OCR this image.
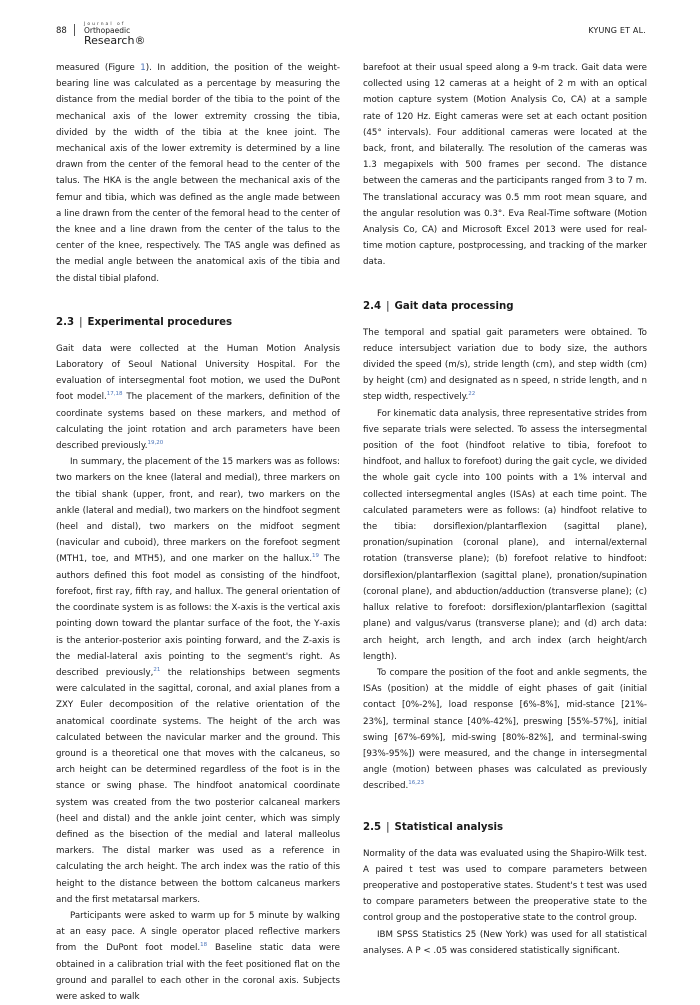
88
Journal of
Orthopaedic
Research®
KYUNG ET AL.

measured (Figure 1). In addition, the position of the weight‐bearing line was calculated as a percentage by measuring the distance from the medial border of the tibia to the point of the mechanical axis of the lower extremity crossing the tibia, divided by the width of the tibia at the knee joint. The mechanical axis of the lower extremity is determined by a line drawn from the center of the femoral head to the center of the talus. The HKA is the angle between the mechanical axis of the femur and tibia, which was defined as the angle made between a line drawn from the center of the femoral head to the center of the knee and a line drawn from the center of the talus to the center of the knee, respectively. The TAS angle was defined as the medial angle between the anatomical axis of the tibia and the distal tibial plafond.

2.3 | Experimental procedures

Gait data were collected at the Human Motion Analysis Laboratory of Seoul National University Hospital. For the evaluation of intersegmental foot motion, we used the DuPont foot model.$^{17,18}$ The placement of the markers, definition of the coordinate systems based on these markers, and method of calculating the joint rotation and arch parameters have been described previously.$^{19,20}$

In summary, the placement of the 15 markers was as follows: two markers on the knee (lateral and medial), three markers on the tibial shank (upper, front, and rear), two markers on the ankle (lateral and medial), two markers on the hindfoot segment (heel and distal), two markers on the midfoot segment (navicular and cuboid), three markers on the forefoot segment (MTH1, toe, and MTH5), and one marker on the hallux.$^{19}$ The authors defined this foot model as consisting of the hindfoot, forefoot, first ray, fifth ray, and hallux. The general orientation of the coordinate system is as follows: the X‐axis is the vertical axis pointing down toward the plantar surface of the foot, the Y‐axis is the anterior‐posterior axis pointing forward, and the Z‐axis is the medial‐lateral axis pointing to the segment's right. As described previously,$^{21}$ the relationships between segments were calculated in the sagittal, coronal, and axial planes from a ZXY Euler decomposition of the relative orientation of the anatomical coordinate systems. The height of the arch was calculated between the navicular marker and the ground. This ground is a theoretical one that moves with the calcaneus, so arch height can be determined regardless of the foot is in the stance or swing phase. The hindfoot anatomical coordinate system was created from the two posterior calcaneal markers (heel and distal) and the ankle joint center, which was simply defined as the bisection of the medial and lateral malleolus markers. The distal marker was used as a reference in calculating the arch height. The arch index was the ratio of this height to the distance between the bottom calcaneus markers and the first metatarsal markers.

Participants were asked to warm up for 5 minute by walking at an easy pace. A single operator placed reflective markers from the DuPont foot model.$^{18}$ Baseline static data were obtained in a calibration trial with the feet positioned flat on the ground and parallel to each other in the coronal axis. Subjects were asked to walk

barefoot at their usual speed along a 9‐m track. Gait data were collected using 12 cameras at a height of 2 m with an optical motion capture system (Motion Analysis Co, CA) at a sample rate of 120 Hz. Eight cameras were set at each octant position (45° intervals). Four additional cameras were located at the back, front, and bilaterally. The resolution of the cameras was 1.3 megapixels with 500 frames per second. The distance between the cameras and the participants ranged from 3 to 7 m. The translational accuracy was 0.5 mm root mean square, and the angular resolution was 0.3°. Eva Real‐Time software (Motion Analysis Co, CA) and Microsoft Excel 2013 were used for real‐time motion capture, postprocessing, and tracking of the marker data.

2.4 | Gait data processing

The temporal and spatial gait parameters were obtained. To reduce intersubject variation due to body size, the authors divided the speed (m/s), stride length (cm), and step width (cm) by height (cm) and designated as n speed, n stride length, and n step width, respectively.$^{22}$

For kinematic data analysis, three representative strides from five separate trials were selected. To assess the intersegmental position of the foot (hindfoot relative to tibia, forefoot to hindfoot, and hallux to forefoot) during the gait cycle, we divided the whole gait cycle into 100 points with a 1% interval and collected intersegmental angles (ISAs) at each time point. The calculated parameters were as follows: (a) hindfoot relative to the tibia: dorsiflexion/plantarflexion (sagittal plane), pronation/supination (coronal plane), and internal/external rotation (transverse plane); (b) forefoot relative to hindfoot: dorsiflexion/plantarflexion (sagittal plane), pronation/supination (coronal plane), and abduction/adduction (transverse plane); (c) hallux relative to forefoot: dorsiflexion/plantarflexion (sagittal plane) and valgus/varus (transverse plane); and (d) arch data: arch height, arch length, and arch index (arch height/arch length).

To compare the position of the foot and ankle segments, the ISAs (position) at the middle of eight phases of gait (initial contact [0%‐2%], load response [6%‐8%], mid‐stance [21%‐23%], terminal stance [40%‐42%], preswing [55%‐57%], initial swing [67%‐69%], mid‐swing [80%‐82%], and terminal‐swing [93%‐95%]) were measured, and the change in intersegmental angle (motion) between phases was calculated as previously described.$^{16,23}$

2.5 | Statistical analysis

Normality of the data was evaluated using the Shapiro‐Wilk test. A paired t test was used to compare parameters between preoperative and postoperative states. Student's t test was used to compare parameters between the preoperative state to the control group and the postoperative state to the control group.

IBM SPSS Statistics 25 (New York) was used for all statistical analyses. A P < .05 was considered statistically significant.
